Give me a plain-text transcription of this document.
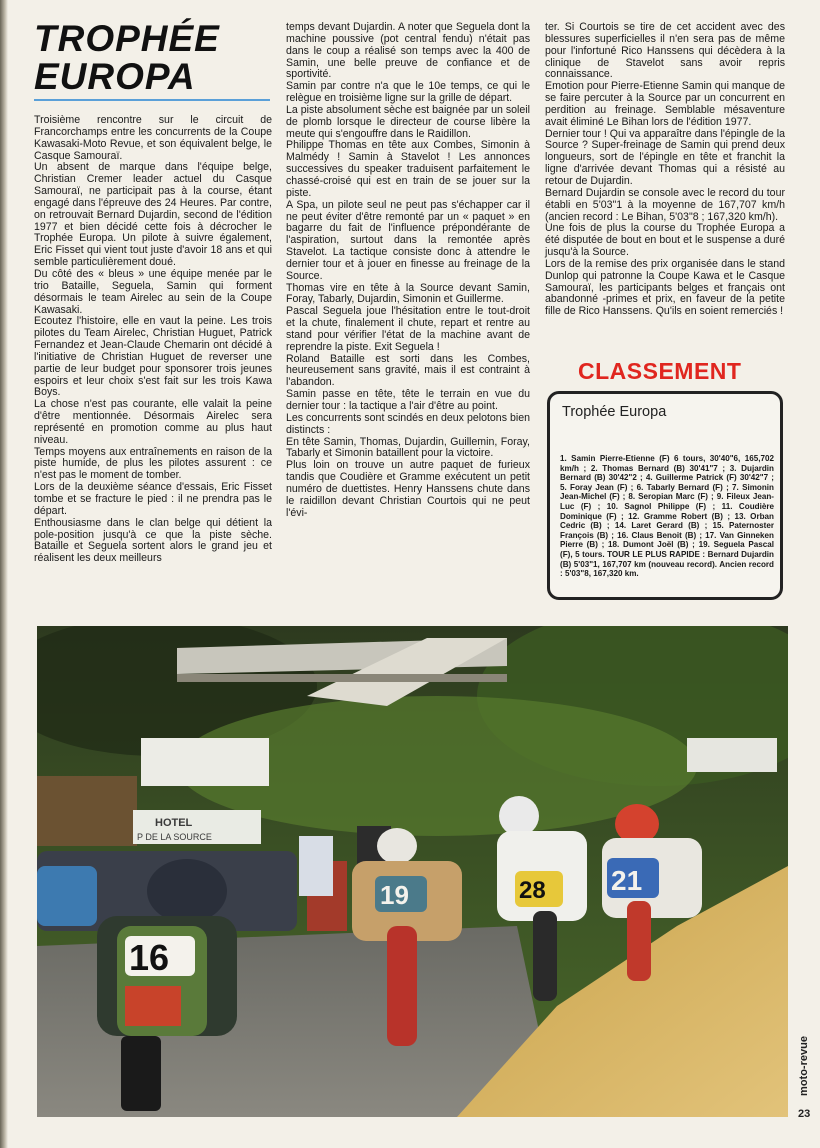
TROPHÉE
EUROPA

Troisième rencontre sur le circuit de Francorchamps entre les concurrents de la Coupe Kawasaki-Moto Revue, et son équivalent belge, le Casque Samouraï.

Un absent de marque dans l'équipe belge, Christian Cremer leader actuel du Casque Samouraï, ne participait pas à la course, étant engagé dans l'épreuve des 24 Heures. Par contre, on retrouvait Bernard Dujardin, second de l'édition 1977 et bien décidé cette fois à décrocher le Trophée Europa. Un pilote à suivre également, Eric Fisset qui vient tout juste d'avoir 18 ans et qui semble particulièrement doué.

Du côté des « bleus » une équipe menée par le trio Bataille, Seguela, Samin qui forment désormais le team Airelec au sein de la Coupe Kawasaki.

Ecoutez l'histoire, elle en vaut la peine. Les trois pilotes du Team Airelec, Christian Huguet, Patrick Fernandez et Jean-Claude Chemarin ont décidé à l'initiative de Christian Huguet de reverser une partie de leur budget pour sponsorer trois jeunes espoirs et leur choix s'est fait sur les trois Kawa Boys.

La chose n'est pas courante, elle valait la peine d'être mentionnée. Désormais Airelec sera représenté en promotion comme au plus haut niveau.

Temps moyens aux entraînements en raison de la piste humide, de plus les pilotes assurent : ce n'est pas le moment de tomber.

Lors de la deuxième séance d'essais, Eric Fisset tombe et se fracture le pied : il ne prendra pas le départ.

Enthousiasme dans le clan belge qui détient la pole-position jusqu'à ce que la piste sèche. Bataille et Seguela sortent alors le grand jeu et réalisent les deux meilleurs

temps devant Dujardin. A noter que Seguela dont la machine poussive (pot central fendu) n'était pas dans le coup a réalisé son temps avec la 400 de Samin, une belle preuve de confiance et de sportivité.

Samin par contre n'a que le 10e temps, ce qui le relègue en troisième ligne sur la grille de départ.

La piste absolument sèche est baignée par un soleil de plomb lorsque le directeur de course libère la meute qui s'engouffre dans le Raidillon.

Philippe Thomas en tête aux Combes, Simonin à Malmédy ! Samin à Stavelot ! Les annonces successives du speaker traduisent parfaitement le chassé-croisé qui est en train de se jouer sur la piste.

A Spa, un pilote seul ne peut pas s'échapper car il ne peut éviter d'être remonté par un « paquet » en bagarre du fait de l'influence prépondérante de l'aspiration, surtout dans la remontée après Stavelot. La tactique consiste donc à attendre le dernier tour et à jouer en finesse au freinage de la Source.

Thomas vire en tête à la Source devant Samin, Foray, Tabarly, Dujardin, Simonin et Guillerme.

Pascal Seguela joue l'hésitation entre le tout-droit et la chute, finalement il chute, repart et rentre au stand pour vérifier l'état de la machine avant de reprendre la piste. Exit Seguela !

Roland Bataille est sorti dans les Combes, heureusement sans gravité, mais il est contraint à l'abandon.

Samin passe en tête, tête le terrain en vue du dernier tour : la tactique a l'air d'être au point.

Les concurrents sont scindés en deux pelotons bien distincts :

En tête Samin, Thomas, Dujardin, Guillemin, Foray, Tabarly et Simonin bataillent pour la victoire.

Plus loin on trouve un autre paquet de furieux tandis que Coudière et Gramme exécutent un petit numéro de duettistes. Henry Hanssens chute dans le raidillon devant Christian Courtois qui ne peut l'évi-

ter. Si Courtois se tire de cet accident avec des blessures superficielles il n'en sera pas de même pour l'infortuné Rico Hanssens qui décèdera à la clinique de Stavelot sans avoir repris connaissance.

Emotion pour Pierre-Etienne Samin qui manque de se faire percuter à la Source par un concurrent en perdition au freinage. Semblable mésaventure avait éliminé Le Bihan lors de l'édition 1977.

Dernier tour ! Qui va apparaître dans l'épingle de la Source ? Super-freinage de Samin qui prend deux longueurs, sort de l'épingle en tête et franchit la ligne d'arrivée devant Thomas qui a résisté au retour de Dujardin.

Bernard Dujardin se console avec le record du tour établi en 5'03"1 à la moyenne de 167,707 km/h (ancien record : Le Bihan, 5'03"8 ; 167,320 km/h).

Une fois de plus la course du Trophée Europa a été disputée de bout en bout et le suspense a duré jusqu'à la Source.

Lors de la remise des prix organisée dans le stand Dunlop qui patronne la Coupe Kawa et le Casque Samouraï, les participants belges et français ont abandonné -primes et prix, en faveur de la petite fille de Rico Hanssens. Qu'ils en soient remerciés !

CLASSEMENT
Trophée Europa
1. Samin Pierre-Etienne (F) 6 tours, 30'40"6, 165,702 km/h ; 2. Thomas Bernard (B) 30'41"7 ; 3. Dujardin Bernard (B) 30'42"2 ; 4. Guillerme Patrick (F) 30'42"7 ; 5. Foray Jean (F) ; 6. Tabarly Bernard (F) ; 7. Simonin Jean-Michel (F) ; 8. Seropian Marc (F) ; 9. Fileux Jean-Luc (F) ; 10. Sagnol Philippe (F) ; 11. Coudière Dominique (F) ; 12. Gramme Robert (B) ; 13. Orban Cedric (B) ; 14. Laret Gerard (B) ; 15. Paternoster François (B) ; 16. Claus Benoit (B) ; 17. Van Ginneken Pierre (B) ; 18. Dumont Joël (B) ; 19. Seguela Pascal (F), 5 tours. TOUR LE PLUS RAPIDE : Bernard Dujardin (B) 5'03"1, 167,707 km (nouveau record). Ancien record : 5'03"8, 167,320 km.
HOTEL
P DE LA SOURCE
16
19	28 21
moto-revue
23
